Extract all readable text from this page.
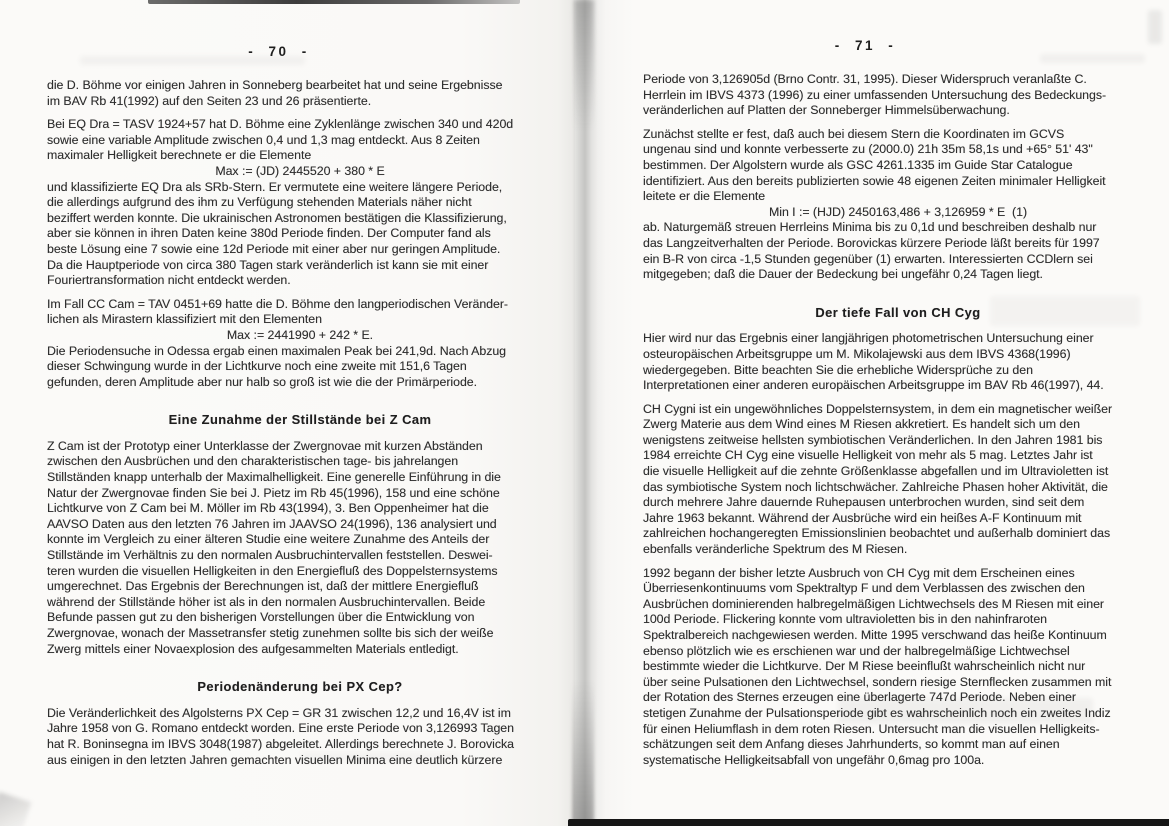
- 70 -
die D. Böhme vor einigen Jahren in Sonneberg bearbeitet hat und seine Ergebnisse
im BAV Rb 41(1992) auf den Seiten 23 und 26 präsentierte.
Bei EQ Dra = TASV 1924+57 hat D. Böhme eine Zyklenlänge zwischen 340 und 420d
sowie eine variable Amplitude zwischen 0,4 und 1,3 mag entdeckt. Aus 8 Zeiten
maximaler Helligkeit berechnete er die Elemente
Max := (JD) 2445520 + 380 * E
und klassifizierte EQ Dra als SRb-Stern. Er vermutete eine weitere längere Periode,
die allerdings aufgrund des ihm zu Verfügung stehenden Materials näher nicht
beziffert werden konnte. Die ukrainischen Astronomen bestätigen die Klassifizierung,
aber sie können in ihren Daten keine 380d Periode finden. Der Computer fand als
beste Lösung eine 7 sowie eine 12d Periode mit einer aber nur geringen Amplitude.
Da die Hauptperiode von circa 380 Tagen stark veränderlich ist kann sie mit einer
Fouriertransformation nicht entdeckt werden.
Im Fall CC Cam = TAV 0451+69 hatte die D. Böhme den langperiodischen Veränder-
lichen als Mirastern klassifiziert mit den Elementen
Max := 2441990 + 242 * E.
Die Periodensuche in Odessa ergab einen maximalen Peak bei 241,9d. Nach Abzug
dieser Schwingung wurde in der Lichtkurve noch eine zweite mit 151,6 Tagen
gefunden, deren Amplitude aber nur halb so groß ist wie die der Primärperiode.
Eine Zunahme der Stillstände bei Z Cam
Z Cam ist der Prototyp einer Unterklasse der Zwergnovae mit kurzen Abständen
zwischen den Ausbrüchen und den charakteristischen tage- bis jahrelangen
Stillständen knapp unterhalb der Maximalhelligkeit. Eine generelle Einführung in die
Natur der Zwergnovae finden Sie bei J. Pietz im Rb 45(1996), 158 und eine schöne
Lichtkurve von Z Cam bei M. Möller im Rb 43(1994), 3. Ben Oppenheimer hat die
AAVSO Daten aus den letzten 76 Jahren im JAAVSO 24(1996), 136 analysiert und
konnte im Vergleich zu einer älteren Studie eine weitere Zunahme des Anteils der
Stillstände im Verhältnis zu den normalen Ausbruchintervallen feststellen. Deswei-
teren wurden die visuellen Helligkeiten in den Energiefluß des Doppelsternsystems
umgerechnet. Das Ergebnis der Berechnungen ist, daß der mittlere Energiefluß
während der Stillstände höher ist als in den normalen Ausbruchintervallen. Beide
Befunde passen gut zu den bisherigen Vorstellungen über die Entwicklung von
Zwergnovae, wonach der Massetransfer stetig zunehmen sollte bis sich der weiße
Zwerg mittels einer Novaexplosion des aufgesammelten Materials entledigt.
Periodenänderung bei PX Cep?
Die Veränderlichkeit des Algolsterns PX Cep = GR 31 zwischen 12,2 und 16,4V ist im
Jahre 1958 von G. Romano entdeckt worden. Eine erste Periode von 3,126993 Tagen
hat R. Boninsegna im IBVS 3048(1987) abgeleitet. Allerdings berechnete J. Borovicka
aus einigen in den letzten Jahren gemachten visuellen Minima eine deutlich kürzere
- 71 -
Periode von 3,126905d (Brno Contr. 31, 1995). Dieser Widerspruch veranlaßte C.
Herrlein im IBVS 4373 (1996) zu einer umfassenden Untersuchung des Bedeckungs-
veränderlichen auf Platten der Sonneberger Himmelsüberwachung.
Zunächst stellte er fest, daß auch bei diesem Stern die Koordinaten im GCVS
ungenau sind und konnte verbesserte zu (2000.0) 21h 35m 58,1s und +65° 51' 43"
bestimmen. Der Algolstern wurde als GSC 4261.1335 im Guide Star Catalogue
identifiziert. Aus den bereits publizierten sowie 48 eigenen Zeiten minimaler Helligkeit
leitete er die Elemente
Min I := (HJD) 2450163,486 + 3,126959 * E  (1)
ab. Naturgemäß streuen Herrleins Minima bis zu 0,1d und beschreiben deshalb nur
das Langzeitverhalten der Periode. Borovickas kürzere Periode läßt bereits für 1997
ein B-R von circa -1,5 Stunden gegenüber (1) erwarten. Interessierten CCDlern sei
mitgegeben; daß die Dauer der Bedeckung bei ungefähr 0,24 Tagen liegt.
Der tiefe Fall von CH Cyg
Hier wird nur das Ergebnis einer langjährigen photometrischen Untersuchung einer
osteuropäischen Arbeitsgruppe um M. Mikolajewski aus dem IBVS 4368(1996)
wiedergegeben. Bitte beachten Sie die erhebliche Widersprüche zu den
Interpretationen einer anderen europäischen Arbeitsgruppe im BAV Rb 46(1997), 44.
CH Cygni ist ein ungewöhnliches Doppelsternsystem, in dem ein magnetischer weißer
Zwerg Materie aus dem Wind eines M Riesen akkretiert. Es handelt sich um den
wenigstens zeitweise hellsten symbiotischen Veränderlichen. In den Jahren 1981 bis
1984 erreichte CH Cyg eine visuelle Helligkeit von mehr als 5 mag. Letztes Jahr ist
die visuelle Helligkeit auf die zehnte Größenklasse abgefallen und im Ultravioletten ist
das symbiotische System noch lichtschwächer. Zahlreiche Phasen hoher Aktivität, die
durch mehrere Jahre dauernde Ruhepausen unterbrochen wurden, sind seit dem
Jahre 1963 bekannt. Während der Ausbrüche wird ein heißes A-F Kontinuum mit
zahlreichen hochangeregten Emissionslinien beobachtet und außerhalb dominiert das
ebenfalls veränderliche Spektrum des M Riesen.
1992 begann der bisher letzte Ausbruch von CH Cyg mit dem Erscheinen eines
Überriesenkontinuums vom Spektraltyp F und dem Verblassen des zwischen den
Ausbrüchen dominierenden halbregelmäßigen Lichtwechsels des M Riesen mit einer
100d Periode. Flickering konnte vom ultravioletten bis in den nahinfraroten
Spektralbereich nachgewiesen werden. Mitte 1995 verschwand das heiße Kontinuum
ebenso plötzlich wie es erschienen war und der halbregelmäßige Lichtwechsel
bestimmte wieder die Lichtkurve. Der M Riese beeinflußt wahrscheinlich nicht nur
über seine Pulsationen den Lichtwechsel, sondern riesige Sternflecken zusammen mit
der Rotation des Sternes erzeugen eine überlagerte 747d Periode. Neben einer
stetigen Zunahme der Pulsationsperiode gibt es wahrscheinlich noch ein zweites Indiz
für einen Heliumflash in dem roten Riesen. Untersucht man die visuellen Helligkeits-
schätzungen seit dem Anfang dieses Jahrhunderts, so kommt man auf einen
systematische Helligkeitsabfall von ungefähr 0,6mag pro 100a.
